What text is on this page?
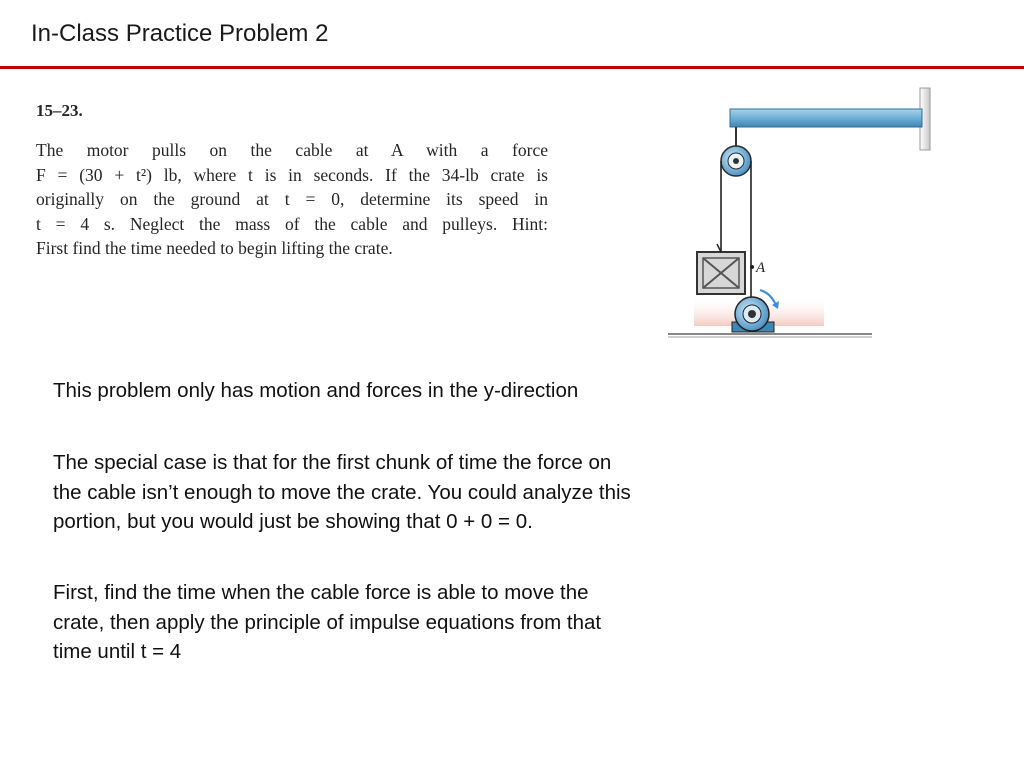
In-Class Practice Problem 2
15–23.
The motor pulls on the cable at A with a force
F = (30 + t²) lb, where t is in seconds. If the 34-lb crate is
originally on the ground at t = 0, determine its speed in
t = 4 s. Neglect the mass of the cable and pulleys. Hint:
First find the time needed to begin lifting the crate.
A
This problem only has motion and forces in the y-direction
The special case is that for the first chunk of time the force on
the cable isn’t enough to move the crate. You could analyze this
portion, but you would just be showing that 0 + 0 = 0.
First, find the time when the cable force is able to move the
crate, then apply the principle of impulse equations from that
time until t = 4
